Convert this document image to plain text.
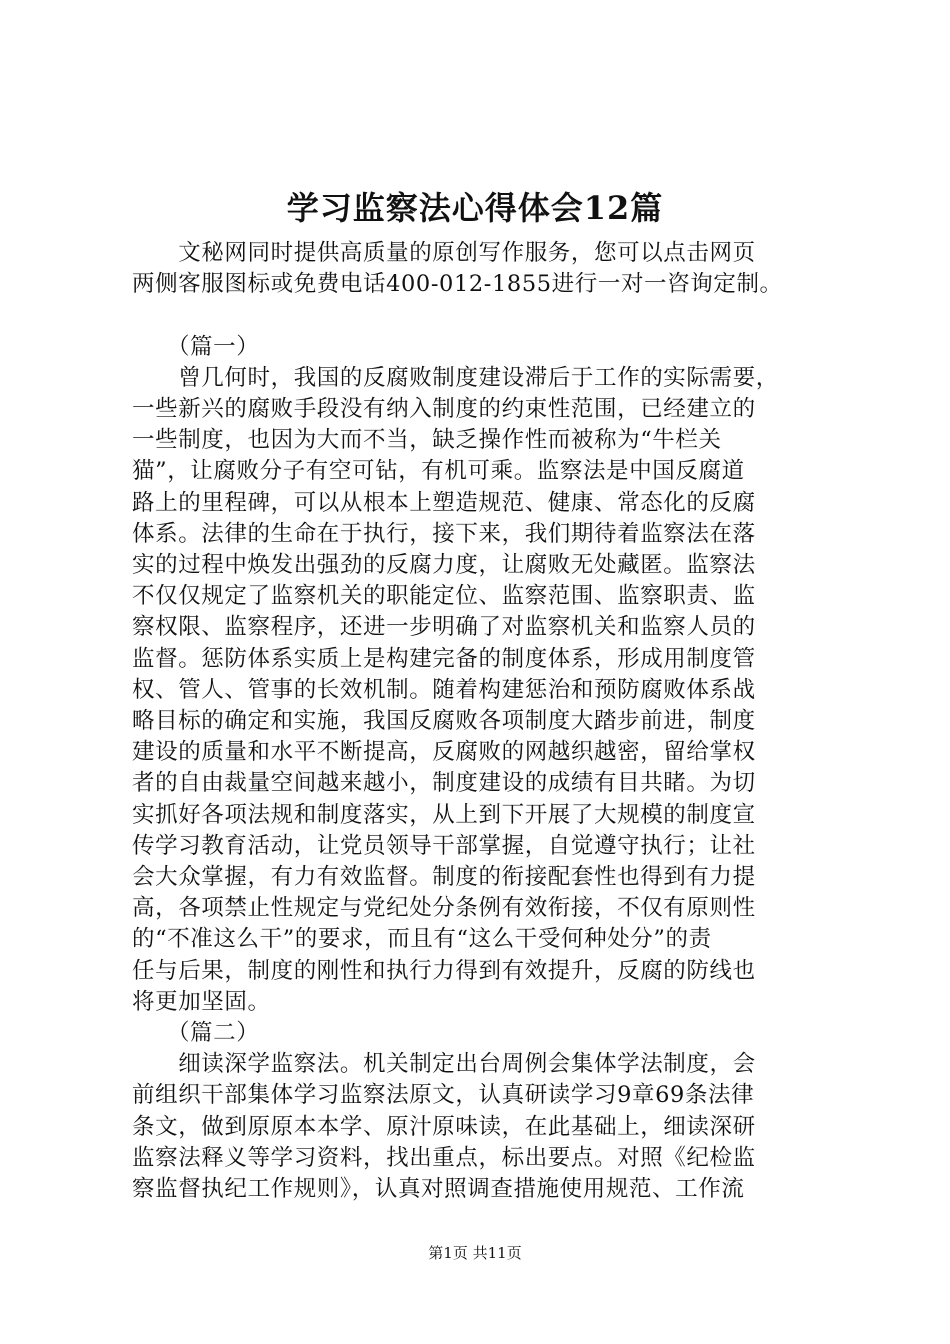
学习监察法心得体会12篇
　　文秘网同时提供高质量的原创写作服务，您可以点击网页
两侧客服图标或免费电话400-012-1855进行一对一咨询定制。
　　（篇一）
　　曾几何时，我国的反腐败制度建设滞后于工作的实际需要，
一些新兴的腐败手段没有纳入制度的约束性范围，已经建立的
一些制度，也因为大而不当，缺乏操作性而被称为“牛栏关
猫”，让腐败分子有空可钻，有机可乘。监察法是中国反腐道
路上的里程碑，可以从根本上塑造规范、健康、常态化的反腐
体系。法律的生命在于执行，接下来，我们期待着监察法在落
实的过程中焕发出强劲的反腐力度，让腐败无处藏匿。监察法
不仅仅规定了监察机关的职能定位、监察范围、监察职责、监
察权限、监察程序，还进一步明确了对监察机关和监察人员的
监督。惩防体系实质上是构建完备的制度体系，形成用制度管
权、管人、管事的长效机制。随着构建惩治和预防腐败体系战
略目标的确定和实施，我国反腐败各项制度大踏步前进，制度
建设的质量和水平不断提高，反腐败的网越织越密，留给掌权
者的自由裁量空间越来越小，制度建设的成绩有目共睹。为切
实抓好各项法规和制度落实，从上到下开展了大规模的制度宣
传学习教育活动，让党员领导干部掌握，自觉遵守执行；让社
会大众掌握，有力有效监督。制度的衔接配套性也得到有力提
高，各项禁止性规定与党纪处分条例有效衔接，不仅有原则性
的“不准这么干”的要求，而且有“这么干受何种处分”的责
任与后果，制度的刚性和执行力得到有效提升，反腐的防线也
将更加坚固。
　　（篇二）
　　细读深学监察法。机关制定出台周例会集体学法制度，会
前组织干部集体学习监察法原文，认真研读学习9章69条法律
条文，做到原原本本学、原汁原味读，在此基础上，细读深研
监察法释义等学习资料，找出重点，标出要点。对照《纪检监
察监督执纪工作规则》，认真对照调查措施使用规范、工作流
第1页 共11页
